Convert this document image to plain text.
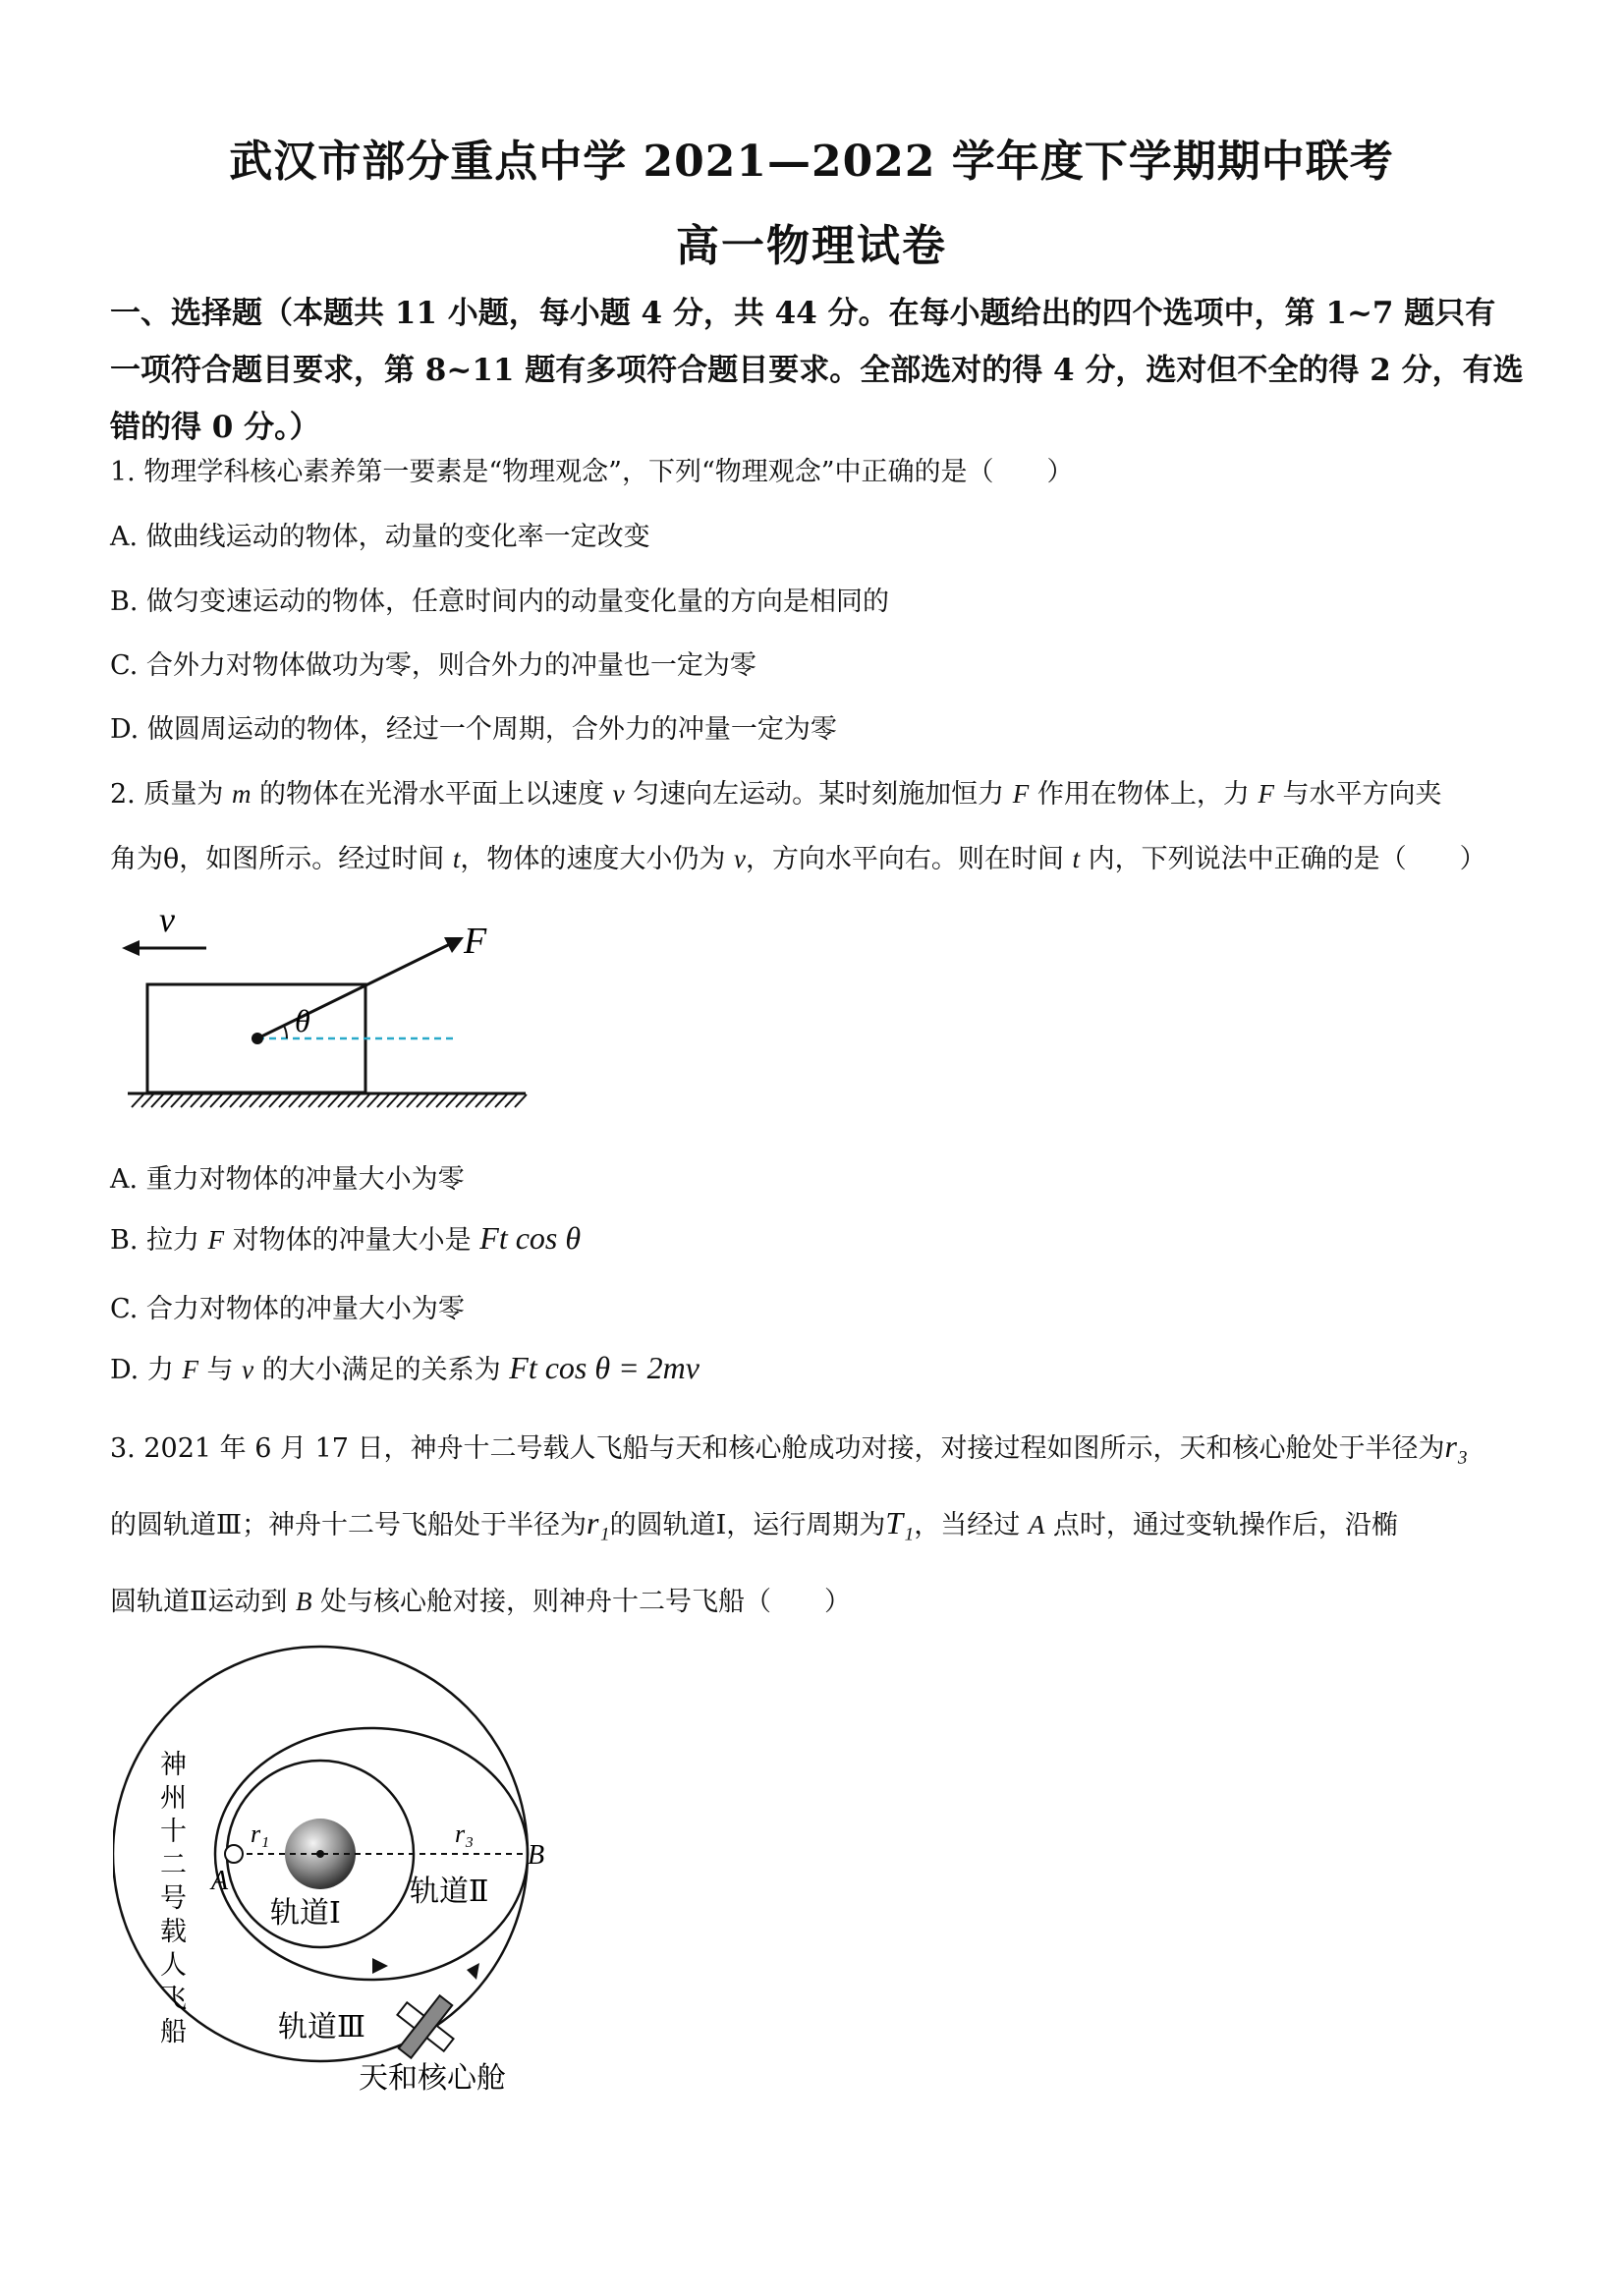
武汉市部分重点中学 2021—2022 学年度下学期期中联考
高一物理试卷
一、选择题（本题共 11 小题，每小题 4 分，共 44 分。在每小题给出的四个选项中，第 1~7 题只有一项符合题目要求，第 8~11 题有多项符合题目要求。全部选对的得 4 分，选对但不全的得 2 分，有选错的得 0 分。）
1. 物理学科核心素养第一要素是“物理观念”，下列“物理观念”中正确的是（　　）
A. 做曲线运动的物体，动量的变化率一定改变
B. 做匀变速运动的物体，任意时间内的动量变化量的方向是相同的
C. 合外力对物体做功为零，则合外力的冲量也一定为零
D. 做圆周运动的物体，经过一个周期，合外力的冲量一定为零
2. 质量为 m 的物体在光滑水平面上以速度 v 匀速向左运动。某时刻施加恒力 F 作用在物体上，力 F 与水平方向夹
角为θ，如图所示。经过时间 t，物体的速度大小仍为 v，方向水平向右。则在时间 t 内，下列说法中正确的是（　　）
v
F
θ
A. 重力对物体的冲量大小为零
B. 拉力 F 对物体的冲量大小是 Ft cos θ
C. 合力对物体的冲量大小为零
D. 力 F 与 v 的大小满足的关系为 Ft cos θ = 2mv
3. 2021 年 6 月 17 日，神舟十二号载人飞船与天和核心舱成功对接，对接过程如图所示，天和核心舱处于半径为r₃
的圆轨道Ⅲ；神舟十二号飞船处于半径为r₁的圆轨道Ⅰ，运行周期为T₁，当经过 A 点时，通过变轨操作后，沿椭
圆轨道Ⅱ运动到 B 处与核心舱对接，则神舟十二号飞船（　　）
A
B
r₁	r₃
轨道Ⅰ
轨道Ⅱ
轨道Ⅲ
天和核心舱
神州十二号载人飞船
